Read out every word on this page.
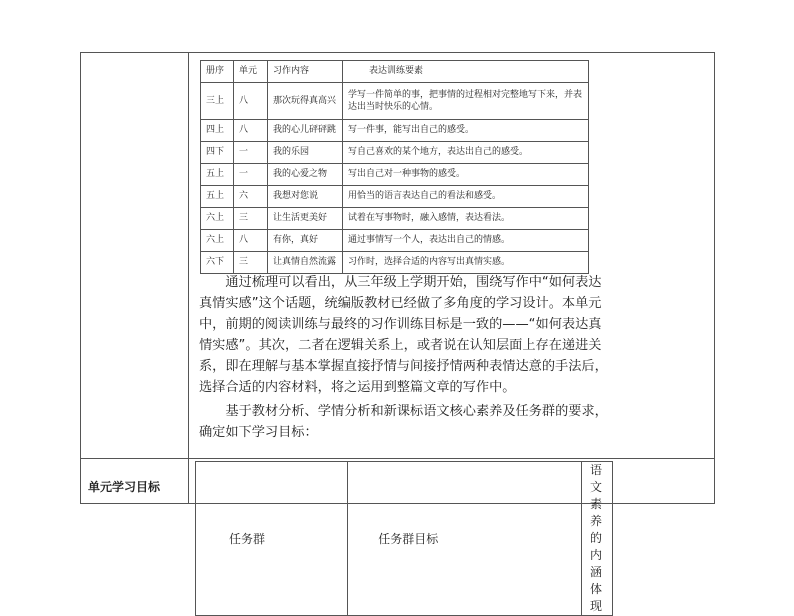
册序	单元	习作内容	表达训练要素
三上	八	那次玩得真高兴	学写一件简单的事，把事情的过程相对完整地写下来，并表达出当时快乐的心情。
四上	八	我的心儿砰砰跳	写一件事，能写出自己的感受。
四下	一	我的乐园	写自己喜欢的某个地方，表达出自己的感受。
五上	一	我的心爱之物	写出自己对一种事物的感受。
五上	六	我想对您说	用恰当的语言表达自己的看法和感受。
六上	三	让生活更美好	试着在写事物时，融入感情，表达看法。
六上	八	有你，真好	通过事情写一个人，表达出自己的情感。
六下	三	让真情自然流露	习作时，选择合适的内容写出真情实感。

通过梳理可以看出，从三年级上学期开始，围绕写作中“如何表达真情实感”这个话题，统编版教材已经做了多角度的学习设计。本单元中，前期的阅读训练与最终的习作训练目标是一致的——“如何表达真情实感”。其次，二者在逻辑关系上，或者说在认知层面上存在递进关系，即在理解与基本掌握直接抒情与间接抒情两种表情达意的手法后，选择合适的内容材料，将之运用到整篇文章的写作中。

基于教材分析、学情分析和新课标语文核心素养及任务群的要求，确定如下学习目标：

单元学习目标
任务群	任务群目标	语文素养的内涵体现
